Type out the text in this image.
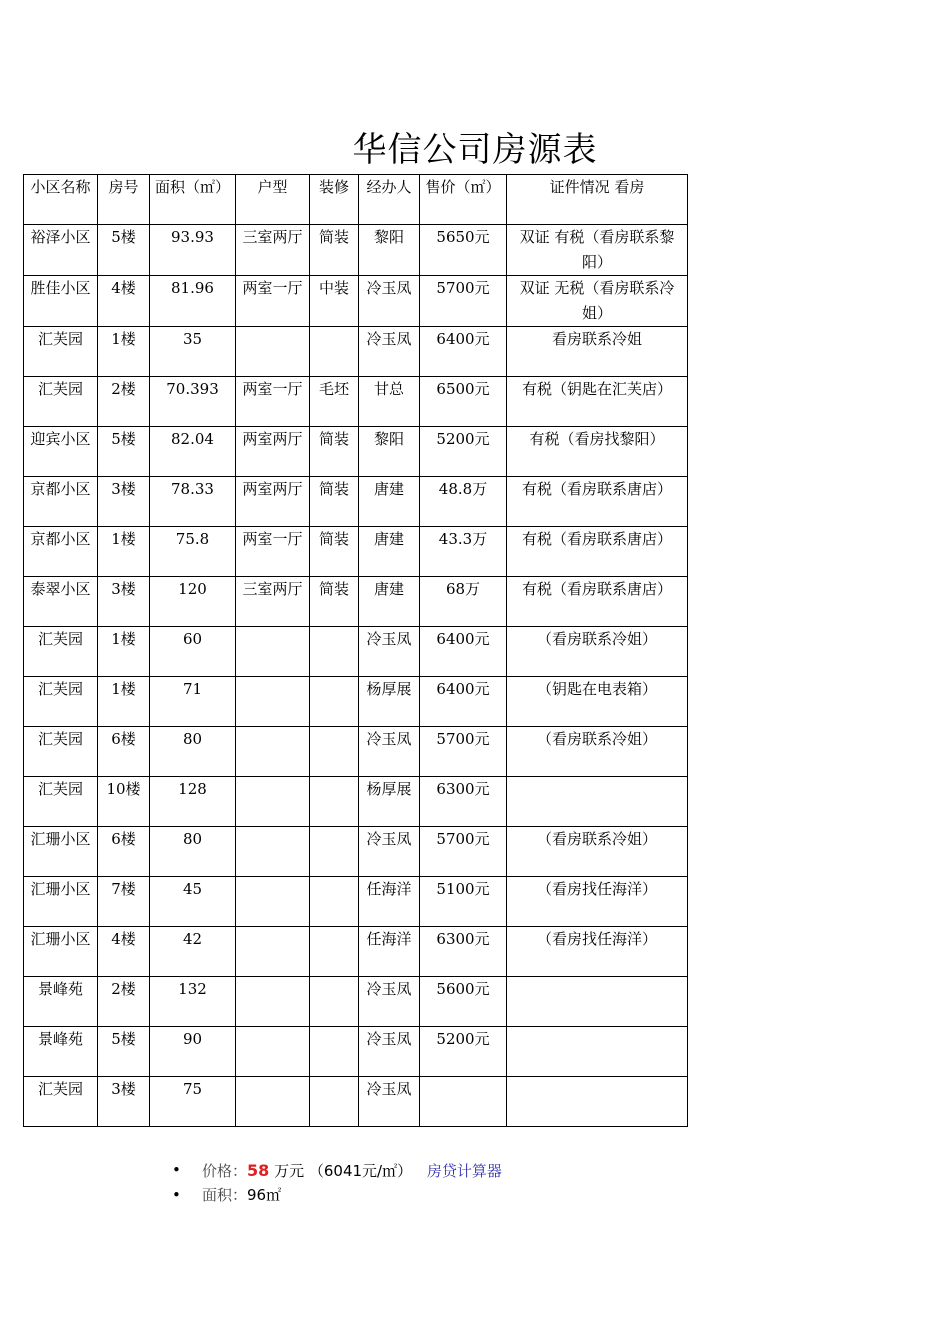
华信公司房源表
小区名称	房号	面积（㎡）	户型	装修	经办人	售价（㎡）	证件情况 看房
裕泽小区	5楼	93.93	三室两厅	简装	黎阳	5650元	双证 有税（看房联系黎阳）
胜佳小区	4楼	81.96	两室一厅	中装	冷玉凤	5700元	双证 无税（看房联系冷姐）
汇芙园	1楼	35			冷玉凤	6400元	看房联系冷姐
汇芙园	2楼	70.393	两室一厅	毛坯	甘总	6500元	有税（钥匙在汇芙店）
迎宾小区	5楼	82.04	两室两厅	简装	黎阳	5200元	有税（看房找黎阳）
京都小区	3楼	78.33	两室两厅	简装	唐建	48.8万	有税（看房联系唐店）
京都小区	1楼	75.8	两室一厅	简装	唐建	43.3万	有税（看房联系唐店）
泰翠小区	3楼	120	三室两厅	简装	唐建	68万	有税（看房联系唐店）
汇芙园	1楼	60			冷玉凤	6400元	（看房联系冷姐）
汇芙园	1楼	71			杨厚展	6400元	（钥匙在电表箱）
汇芙园	6楼	80			冷玉凤	5700元	（看房联系冷姐）
汇芙园	10楼	128			杨厚展	6300元	
汇珊小区	6楼	80			冷玉凤	5700元	（看房联系冷姐）
汇珊小区	7楼	45			任海洋	5100元	（看房找任海洋）
汇珊小区	4楼	42			任海洋	6300元	（看房找任海洋）
景峰苑	2楼	132			冷玉凤	5600元	
景峰苑	5楼	90			冷玉凤	5200元	
汇芙园	3楼	75			冷玉凤		
• 价格：58 万元 （6041元/㎡） 房贷计算器
• 面积：96㎡
